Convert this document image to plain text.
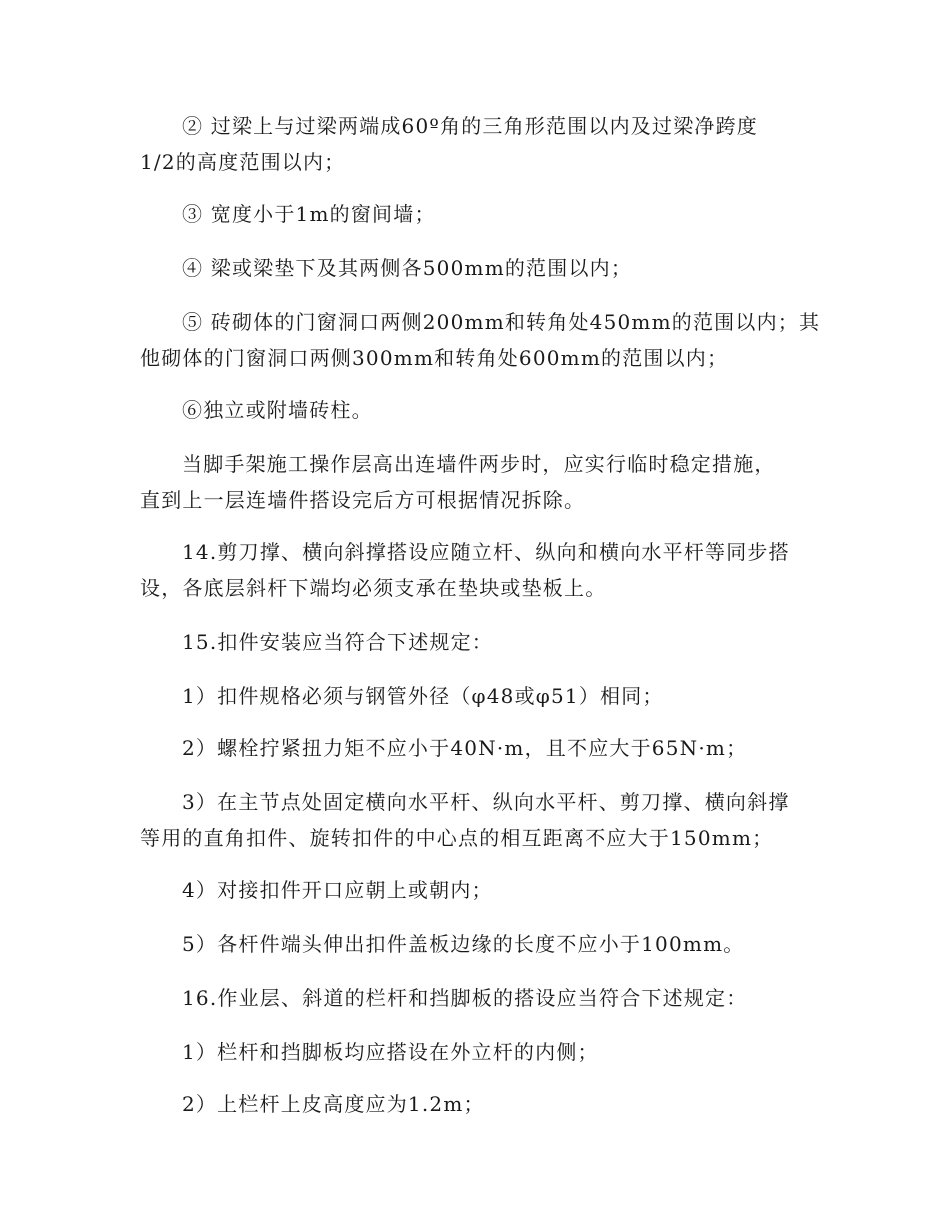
② 过梁上与过梁两端成60º角的三角形范围以内及过梁净跨度
1/2的高度范围以内；
③ 宽度小于1m的窗间墙；
④ 梁或梁垫下及其两侧各500mm的范围以内；
⑤ 砖砌体的门窗洞口两侧200mm和转角处450mm的范围以内；其
他砌体的门窗洞口两侧300mm和转角处600mm的范围以内；
⑥独立或附墙砖柱。
当脚手架施工操作层高出连墙件两步时，应实行临时稳定措施，
直到上一层连墙件搭设完后方可根据情况拆除。
14.剪刀撑、横向斜撑搭设应随立杆、纵向和横向水平杆等同步搭
设，各底层斜杆下端均必须支承在垫块或垫板上。
15.扣件安装应当符合下述规定：
1）扣件规格必须与钢管外径（φ48或φ51）相同；
2）螺栓拧紧扭力矩不应小于40N·m，且不应大于65N·m；
3）在主节点处固定横向水平杆、纵向水平杆、剪刀撑、横向斜撑
等用的直角扣件、旋转扣件的中心点的相互距离不应大于150mm；
4）对接扣件开口应朝上或朝内；
5）各杆件端头伸出扣件盖板边缘的长度不应小于100mm。
16.作业层、斜道的栏杆和挡脚板的搭设应当符合下述规定：
1）栏杆和挡脚板均应搭设在外立杆的内侧；
2）上栏杆上皮高度应为1.2m；
